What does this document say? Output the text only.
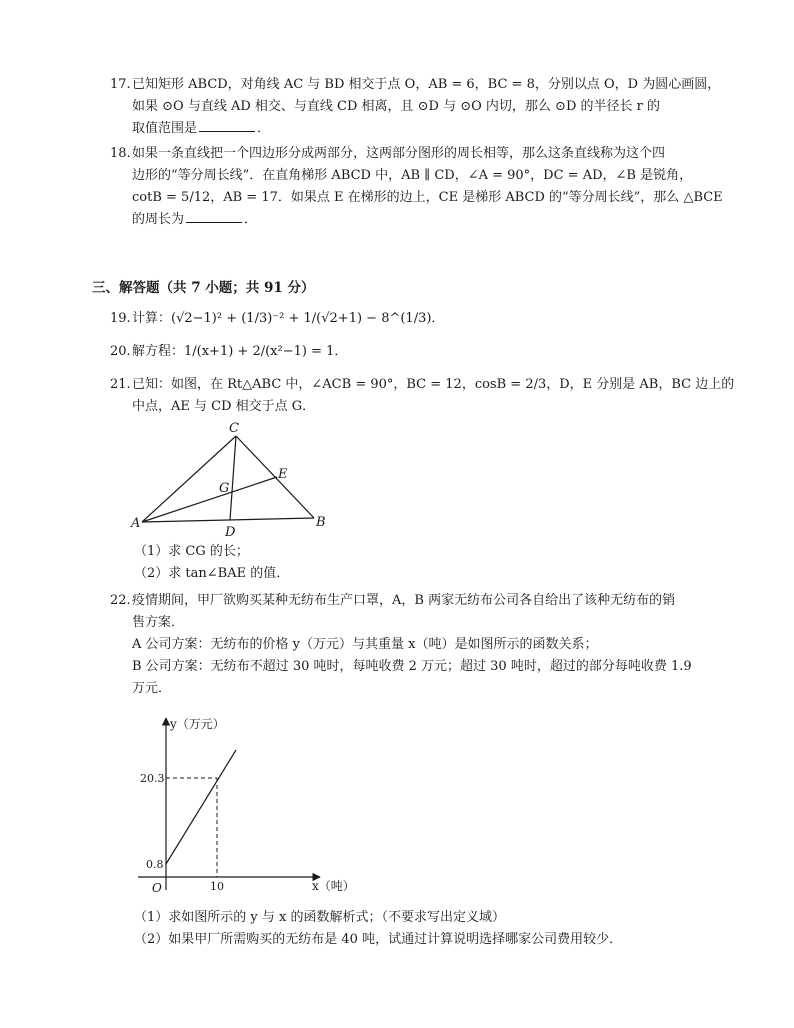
17. 已知矩形 ABCD，对角线 AC 与 BD 相交于点 O，AB = 6，BC = 8，分别以点 O，D 为圆心画圆，
如果 ⊙O 与直线 AD 相交、与直线 CD 相离，且 ⊙D 与 ⊙O 内切，那么 ⊙D 的半径长 r 的
取值范围是	．
18. 如果一条直线把一个四边形分成两部分，这两部分图形的周长相等，那么这条直线称为这个四
边形的“等分周长线”．在直角梯形 ABCD 中，AB ∥ CD，∠A = 90°，DC = AD，∠B 是锐角，
cotB = 5/12，AB = 17．如果点 E 在梯形的边上，CE 是梯形 ABCD 的“等分周长线”，那么 △BCE
的周长为	．
三、解答题（共 7 小题；共 91 分）
19. 计算：(√2−1)² + (1/3)⁻² + 1/(√2+1) − 8^(1/3)．
20. 解方程：1/(x+1) + 2/(x²−1) = 1．
21. 已知：如图，在 Rt△ABC 中，∠ACB = 90°，BC = 12，cosB = 2/3，D，E 分别是 AB，BC 边上的
中点，AE 与 CD 相交于点 G．
A	B
C
D
E
G
（1）求 CG 的长；
（2）求 tan∠BAE 的值．
22. 疫情期间，甲厂欲购买某种无纺布生产口罩，A，B 两家无纺布公司各自给出了该种无纺布的销
售方案．
A 公司方案：无纺布的价格 y（万元）与其重量 x（吨）是如图所示的函数关系；
B 公司方案：无纺布不超过 30 吨时，每吨收费 2 万元；超过 30 吨时，超过的部分每吨收费 1.9
万元．
y（万元）
x（吨）
O
20.3
0.8
10
（1）求如图所示的 y 与 x 的函数解析式；（不要求写出定义域）
（2）如果甲厂所需购买的无纺布是 40 吨，试通过计算说明选择哪家公司费用较少．
